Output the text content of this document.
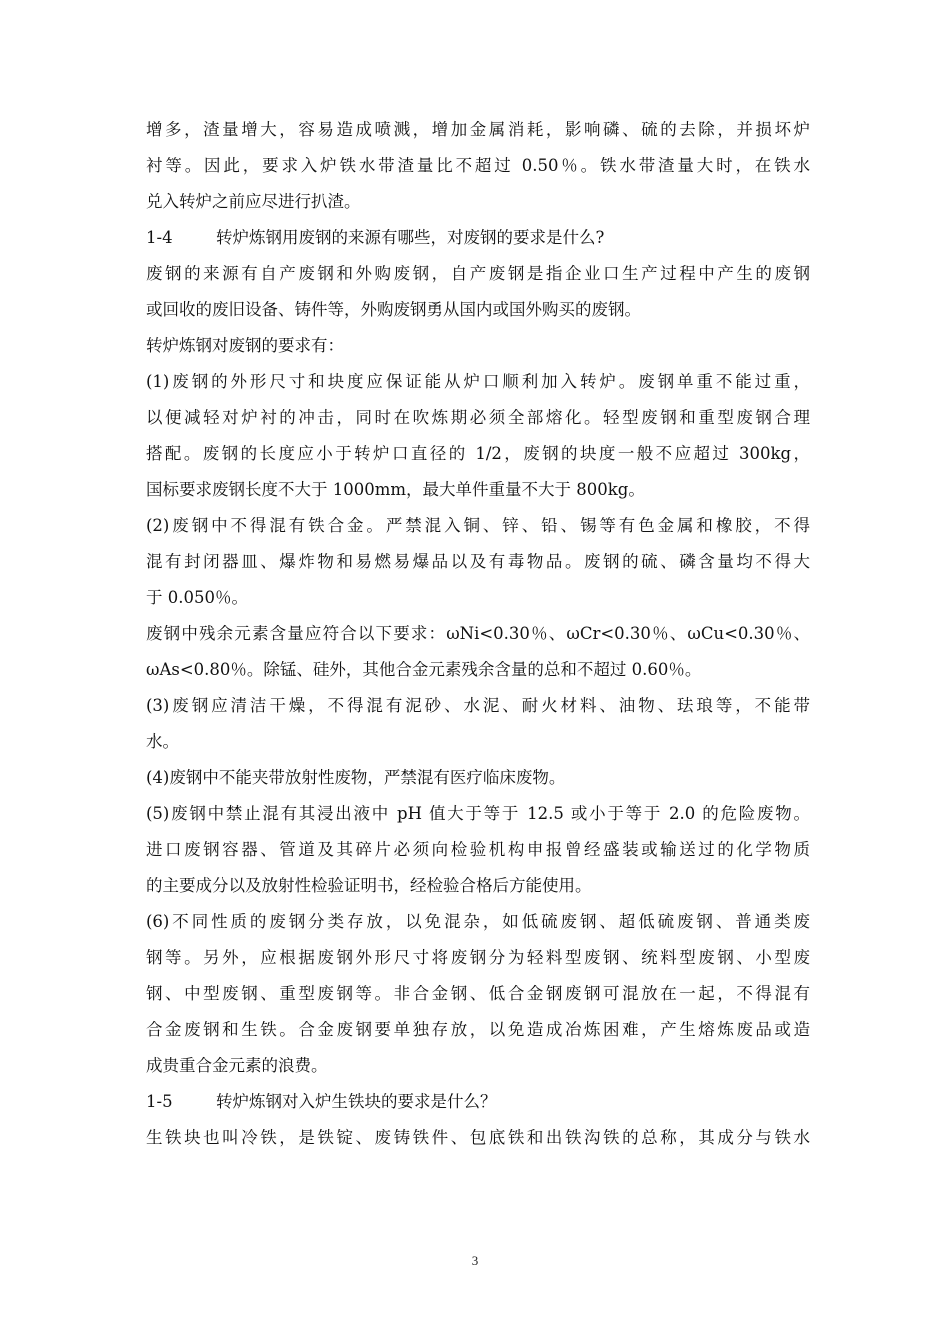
增多，渣量增大，容易造成喷溅，增加金属消耗，影响磷、硫的去除，并损坏炉
衬等。因此，要求入炉铁水带渣量比不超过 0.50％。铁水带渣量大时，在铁水
兑入转炉之前应尽进行扒渣。
1-4	转炉炼钢用废钢的来源有哪些，对废钢的要求是什么?
废钢的来源有自产废钢和外购废钢，自产废钢是指企业口生产过程中产生的废钢
或回收的废旧设备、铸件等，外购废钢勇从国内或国外购买的废钢。
转炉炼钢对废钢的要求有：
(1)废钢的外形尺寸和块度应保证能从炉口顺利加入转炉。废钢单重不能过重，
以便减轻对炉衬的冲击，同时在吹炼期必须全部熔化。轻型废钢和重型废钢合理
搭配。废钢的长度应小于转炉口直径的 1/2，废钢的块度一般不应超过 300kg，
国标要求废钢长度不大于 1000mm，最大单件重量不大于 800kg。
(2)废钢中不得混有铁合金。严禁混入铜、锌、铅、锡等有色金属和橡胶，不得
混有封闭器皿、爆炸物和易燃易爆品以及有毒物品。废钢的硫、磷含量均不得大
于 0.050％。
废钢中残余元素含量应符合以下要求：ωNi<0.30％、ωCr<0.30％、ωCu<0.30％、
ωAs<0.80％。除锰、硅外，其他合金元素残余含量的总和不超过 0.60％。
(3)废钢应清洁干燥，不得混有泥砂、水泥、耐火材料、油物、珐琅等，不能带
水。
(4)废钢中不能夹带放射性废物，严禁混有医疗临床废物。
(5)废钢中禁止混有其浸出液中 pH 值大于等于 12.5 或小于等于 2.0 的危险废物。
进口废钢容器、管道及其碎片必须向检验机构申报曾经盛装或输送过的化学物质
的主要成分以及放射性检验证明书，经检验合格后方能使用。
(6)不同性质的废钢分类存放，以免混杂，如低硫废钢、超低硫废钢、普通类废
钢等。另外，应根据废钢外形尺寸将废钢分为轻料型废钢、统料型废钢、小型废
钢、中型废钢、重型废钢等。非合金钢、低合金钢废钢可混放在一起，不得混有
合金废钢和生铁。合金废钢要单独存放，以免造成冶炼困难，产生熔炼废品或造
成贵重合金元素的浪费。
1-5	转炉炼钢对入炉生铁块的要求是什么？
生铁块也叫冷铁，是铁锭、废铸铁件、包底铁和出铁沟铁的总称，其成分与铁水
3
